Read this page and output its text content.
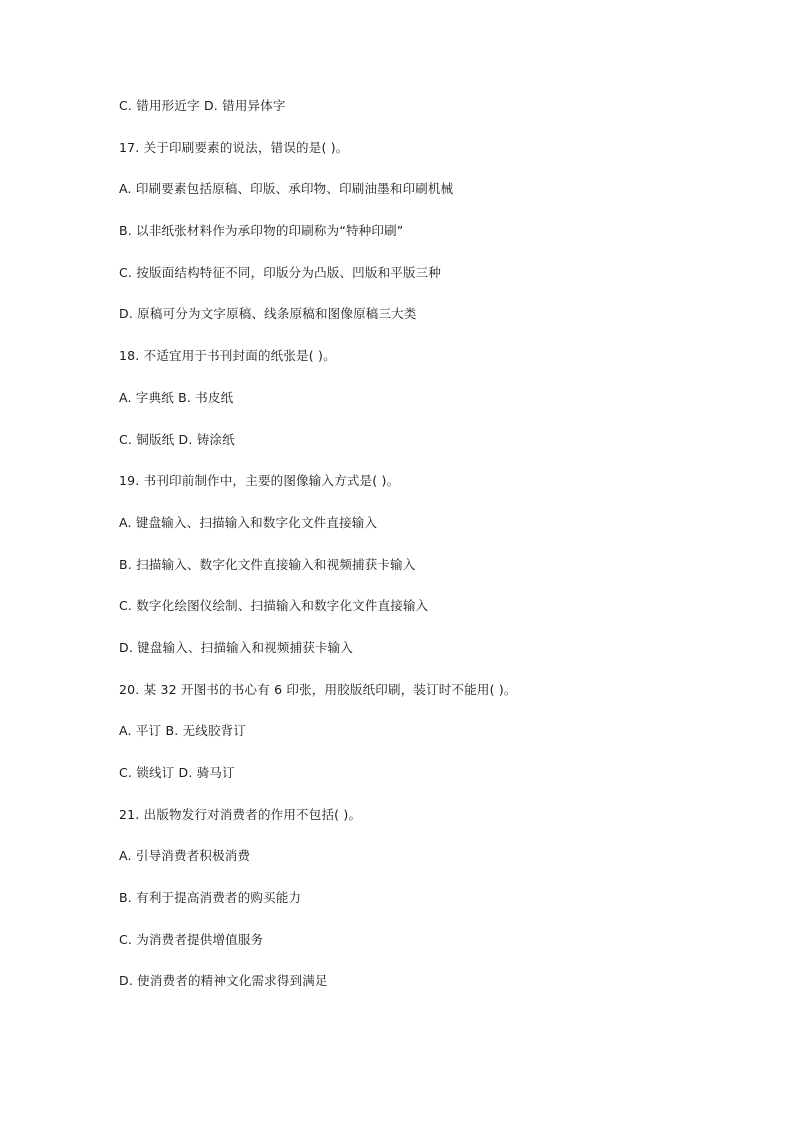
C. 错用形近字 D. 错用异体字
17. 关于印刷要素的说法，错误的是( )。
A. 印刷要素包括原稿、印版、承印物、印刷油墨和印刷机械
B. 以非纸张材料作为承印物的印刷称为“特种印刷”
C. 按版面结构特征不同，印版分为凸版、凹版和平版三种
D. 原稿可分为文字原稿、线条原稿和图像原稿三大类
18. 不适宜用于书刊封面的纸张是( )。
A. 字典纸 B. 书皮纸
C. 铜版纸 D. 铸涂纸
19. 书刊印前制作中，主要的图像输入方式是( )。
A. 键盘输入、扫描输入和数字化文件直接输入
B. 扫描输入、数字化文件直接输入和视频捕获卡输入
C. 数字化绘图仪绘制、扫描输入和数字化文件直接输入
D. 键盘输入、扫描输入和视频捕获卡输入
20. 某 32 开图书的书心有 6 印张，用胶版纸印刷，装订时不能用( )。
A. 平订 B. 无线胶背订
C. 锁线订 D. 骑马订
21. 出版物发行对消费者的作用不包括( )。
A. 引导消费者积极消费
B. 有利于提高消费者的购买能力
C. 为消费者提供增值服务
D. 使消费者的精神文化需求得到满足
